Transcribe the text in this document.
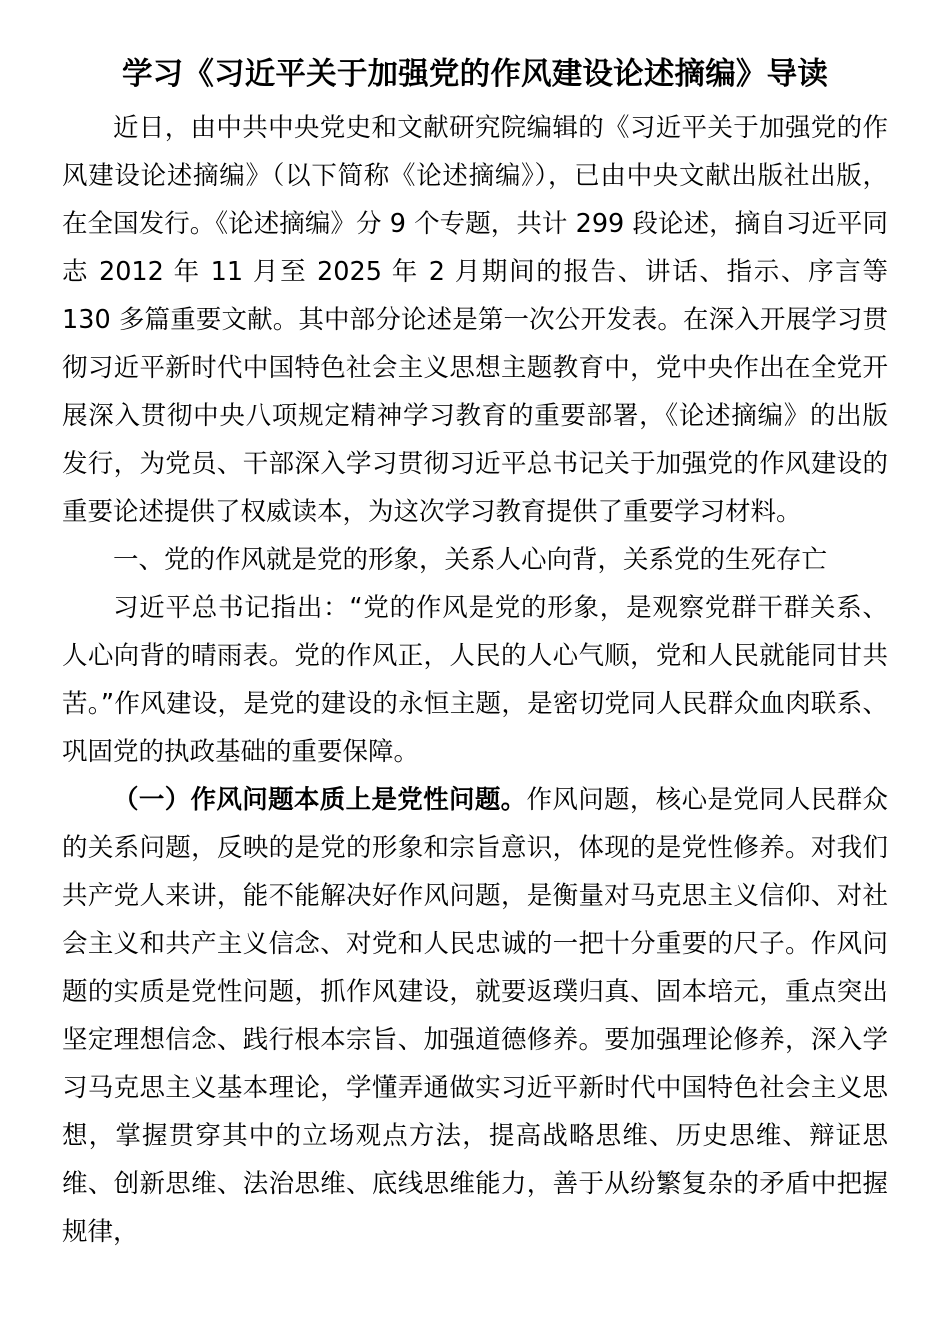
学习《习近平关于加强党的作风建设论述摘编》导读

近日，由中共中央党史和文献研究院编辑的《习近平关于加强党的作风建设论述摘编》（以下简称《论述摘编》），已由中央文献出版社出版，在全国发行。《论述摘编》分 9 个专题，共计 299 段论述，摘自习近平同志 2012 年 11 月至 2025 年 2 月期间的报告、讲话、指示、序言等 130 多篇重要文献。其中部分论述是第一次公开发表。在深入开展学习贯彻习近平新时代中国特色社会主义思想主题教育中，党中央作出在全党开展深入贯彻中央八项规定精神学习教育的重要部署，《论述摘编》的出版发行，为党员、干部深入学习贯彻习近平总书记关于加强党的作风建设的重要论述提供了权威读本，为这次学习教育提供了重要学习材料。

一、党的作风就是党的形象，关系人心向背，关系党的生死存亡

习近平总书记指出：“党的作风是党的形象，是观察党群干群关系、人心向背的晴雨表。党的作风正，人民的人心气顺，党和人民就能同甘共苦。”作风建设，是党的建设的永恒主题，是密切党同人民群众血肉联系、巩固党的执政基础的重要保障。

（一）作风问题本质上是党性问题。作风问题，核心是党同人民群众的关系问题，反映的是党的形象和宗旨意识，体现的是党性修养。对我们共产党人来讲，能不能解决好作风问题，是衡量对马克思主义信仰、对社会主义和共产主义信念、对党和人民忠诚的一把十分重要的尺子。作风问题的实质是党性问题，抓作风建设，就要返璞归真、固本培元，重点突出坚定理想信念、践行根本宗旨、加强道德修养。要加强理论修养，深入学习马克思主义基本理论，学懂弄通做实习近平新时代中国特色社会主义思想，掌握贯穿其中的立场观点方法，提高战略思维、历史思维、辩证思维、创新思维、法治思维、底线思维能力，善于从纷繁复杂的矛盾中把握规律，
